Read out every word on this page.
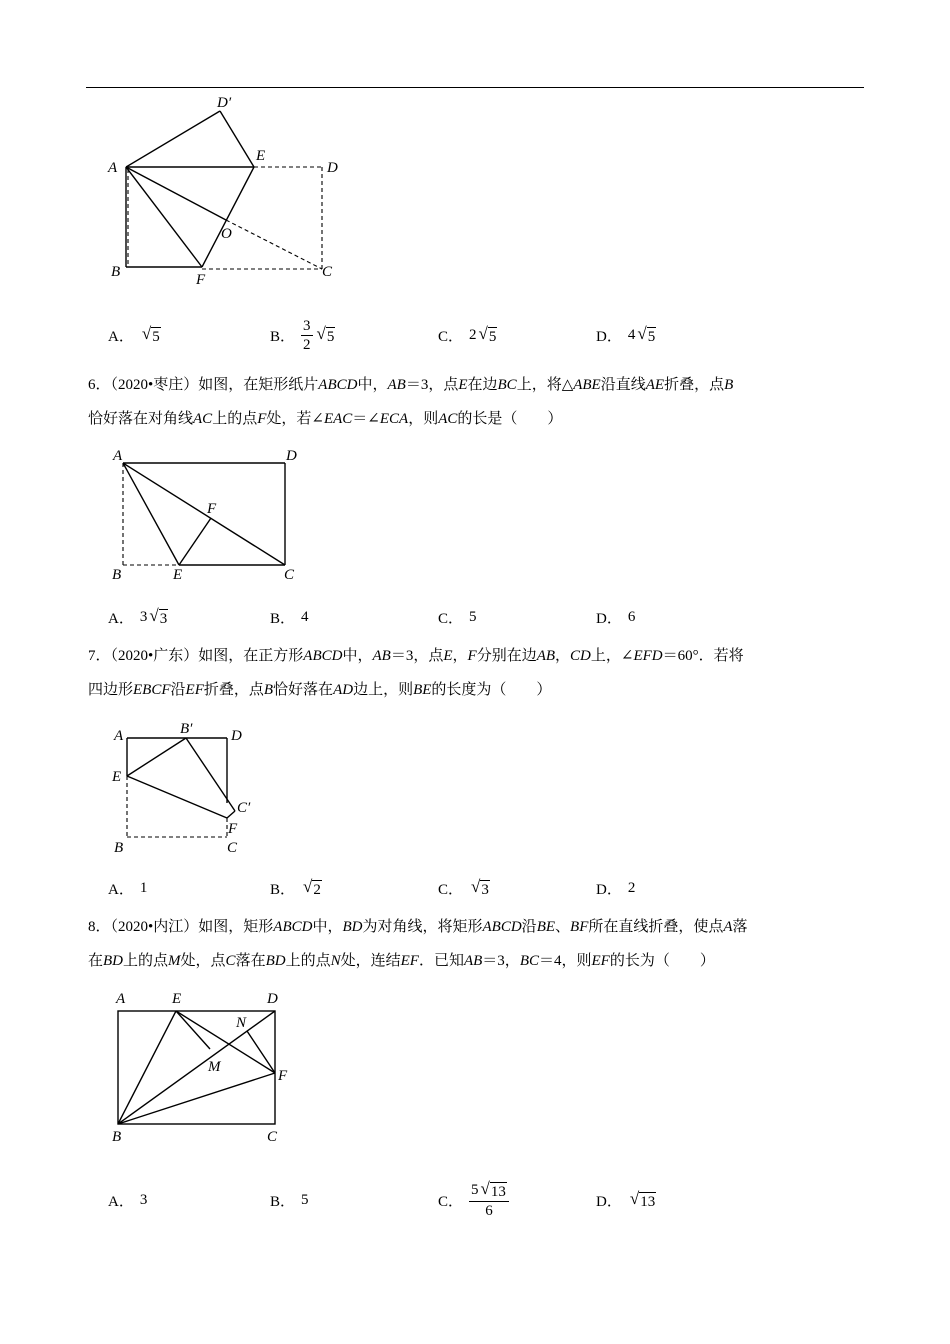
D′
A
E
D
O
B	F	C
A． √ 5	B． $\frac{3}{2}$ √ 5	C． 2 √ 5	D． 4 √ 5
6．（2020•枣庄）如图，在矩形纸片ABCD中，AB＝3，点E在边BC上，将△ABE沿直线AE折叠，点B
恰好落在对角线AC上的点F处，若∠EAC＝∠ECA，则AC的长是（　　）
A	D
F
B	E	C
A． 3 √ 3	B． 4	C． 5	D． 6
7．（2020•广东）如图，在正方形ABCD中，AB＝3，点E，F分别在边AB，CD上，∠EFD＝60°．若将
四边形EBCF沿EF折叠，点B恰好落在AD边上，则BE的长度为（　　）
A	B′	D
E
C′
F
B	C
A． 1	B． √ 2	C． √ 3	D． 2
8．（2020•内江）如图，矩形ABCD中，BD为对角线，将矩形ABCD沿BE、BF所在直线折叠，使点A落
在BD上的点M处，点C落在BD上的点N处，连结EF．已知AB＝3，BC＝4，则EF的长为（　　）
A	E	D
N
M
F
B	C
A． 3	B． 5	C． $\frac{5 √ 13}{6}$	D． √ 13
